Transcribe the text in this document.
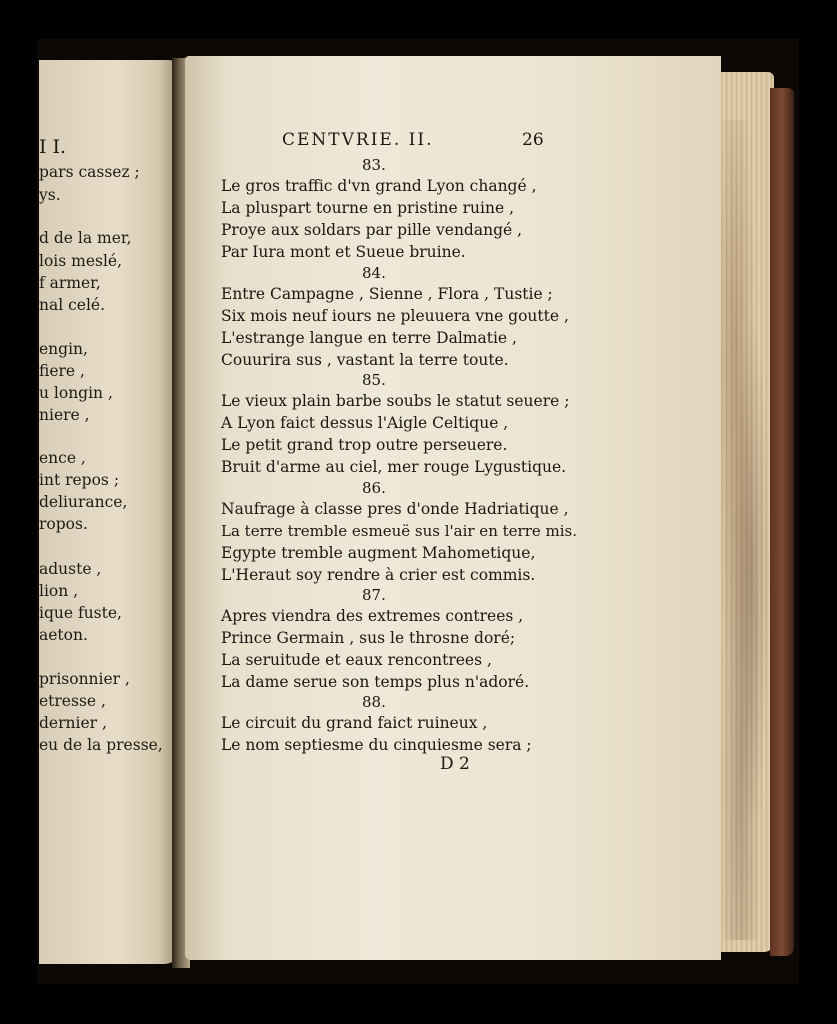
I I.
pars cassez ;
ys.
d de la mer,
lois meslé,
f armer,
nal celé.
engin,
fiere ,
u longin ,
niere ,
ence ,
int repos ;
deliurance,
ropos.
aduste ,
lion ,
ique fuste,
aeton.
prisonnier ,
etresse ,
dernier ,
eu de la presse,
CENTVRIE. II.	26
83.
Le gros traffic d'vn grand Lyon changé ,
La pluspart tourne en pristine ruine ,
Proye aux soldars par pille vendangé ,
Par Iura mont et Sueue bruine.
84.
Entre Campagne , Sienne , Flora , Tustie ;
Six mois neuf iours ne pleuuera vne goutte ,
L'estrange langue en terre Dalmatie ,
Couurira sus , vastant la terre toute.
85.
Le vieux plain barbe soubs le statut seuere ;
A Lyon faict dessus l'Aigle Celtique ,
Le petit grand trop outre perseuere.
Bruit d'arme au ciel, mer rouge Lygustique.
86.
Naufrage à classe pres d'onde Hadriatique ,
La terre tremble esmeuë sus l'air en terre mis.
Egypte tremble augment Mahometique,
L'Heraut soy rendre à crier est commis.
87.
Apres viendra des extremes contrees ,
Prince Germain , sus le throsne doré;
La seruitude et eaux rencontrees ,
La dame serue son temps plus n'adoré.
88.
Le circuit du grand faict ruineux ,
Le nom septiesme du cinquiesme sera ;
D 2
